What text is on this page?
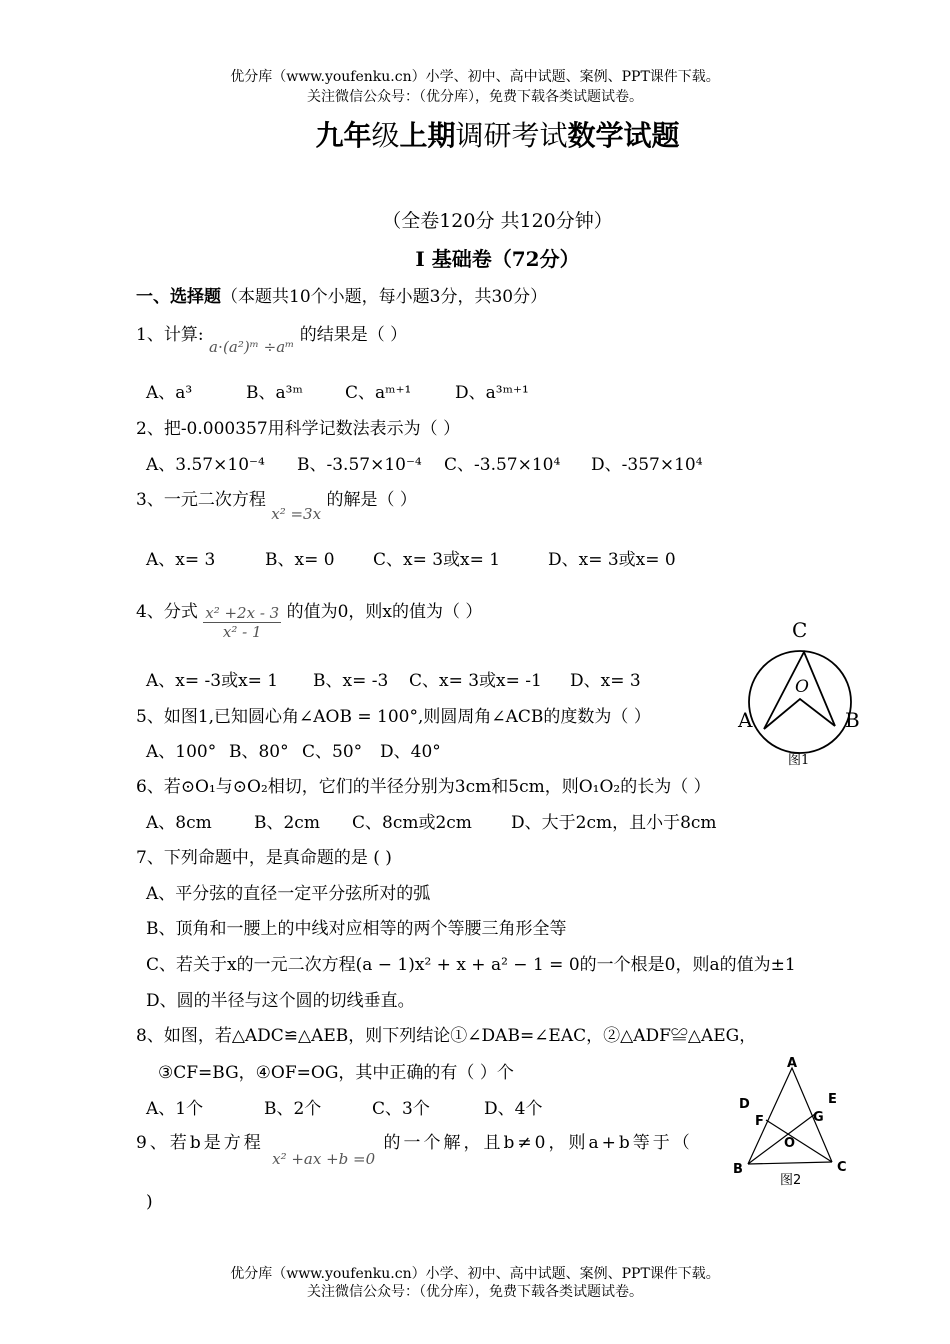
优分库（www.youfenku.cn）小学、初中、高中试题、案例、PPT课件下载。
关注微信公众号：（优分库），免费下载各类试题试卷。
九年级上期调研考试数学试题
（全卷120分 共120分钟）
Ⅰ 基础卷（72分）
一、选择题（本题共10个小题，每小题3分，共30分）
1、计算: a⋅(a²)ᵐ ÷aᵐ 的结果是（ ）
A、a³	B、a³ᵐ C、aᵐ⁺¹	D、a³ᵐ⁺¹
2、把-0.000357用科学记数法表示为（ ）
A、3.57×10⁻⁴ B、-3.57×10⁻⁴ C、-3.57×10⁴ D、-357×10⁴
3、一元二次方程 x² =3x 的解是（ ）
A、x= 3	B、x= 0 C、x= 3或x= 1	D、x= 3或x= 0
4、分式 $\frac{\text{x² +2x - 3}}{\text{x² - 1}}$ 的值为0，则x的值为（ ）
A、x= -3或x= 1 B、x= -3 C、x= 3或x= -1 D、x= 3
C
O
A	B
图1
5、如图1,已知圆心角∠AOB = 100°,则圆周角∠ACB的度数为（ ）
A、100° B、80° C、50° D、40°
6、若⊙O₁与⊙O₂相切，它们的半径分别为3cm和5cm，则O₁O₂的长为（ ）
A、8cm B、2cm C、8cm或2cm D、大于2cm，且小于8cm
7、下列命题中，是真命题的是 ( )
A、平分弦的直径一定平分弦所对的弧
B、顶角和一腰上的中线对应相等的两个等腰三角形全等
C、若关于x的一元二次方程(a − 1)x² + x + a² − 1 = 0的一个根是0，则a的值为±1
D、圆的半径与这个圆的切线垂直。
8、如图，若△ADC≌△AEB，则下列结论①∠DAB=∠EAC，②△ADF≌△AEG，
③CF=BG，④OF=OG，其中正确的有（ ）个
A、1个	B、2个	C、3个	D、4个
A
D	E
F	G
O
B	C
图2
9、若b是方程 x² +ax +b =0 的一个解，且b≠0，则a+b等于（
)
优分库（www.youfenku.cn）小学、初中、高中试题、案例、PPT课件下载。
关注微信公众号：（优分库），免费下载各类试题试卷。
